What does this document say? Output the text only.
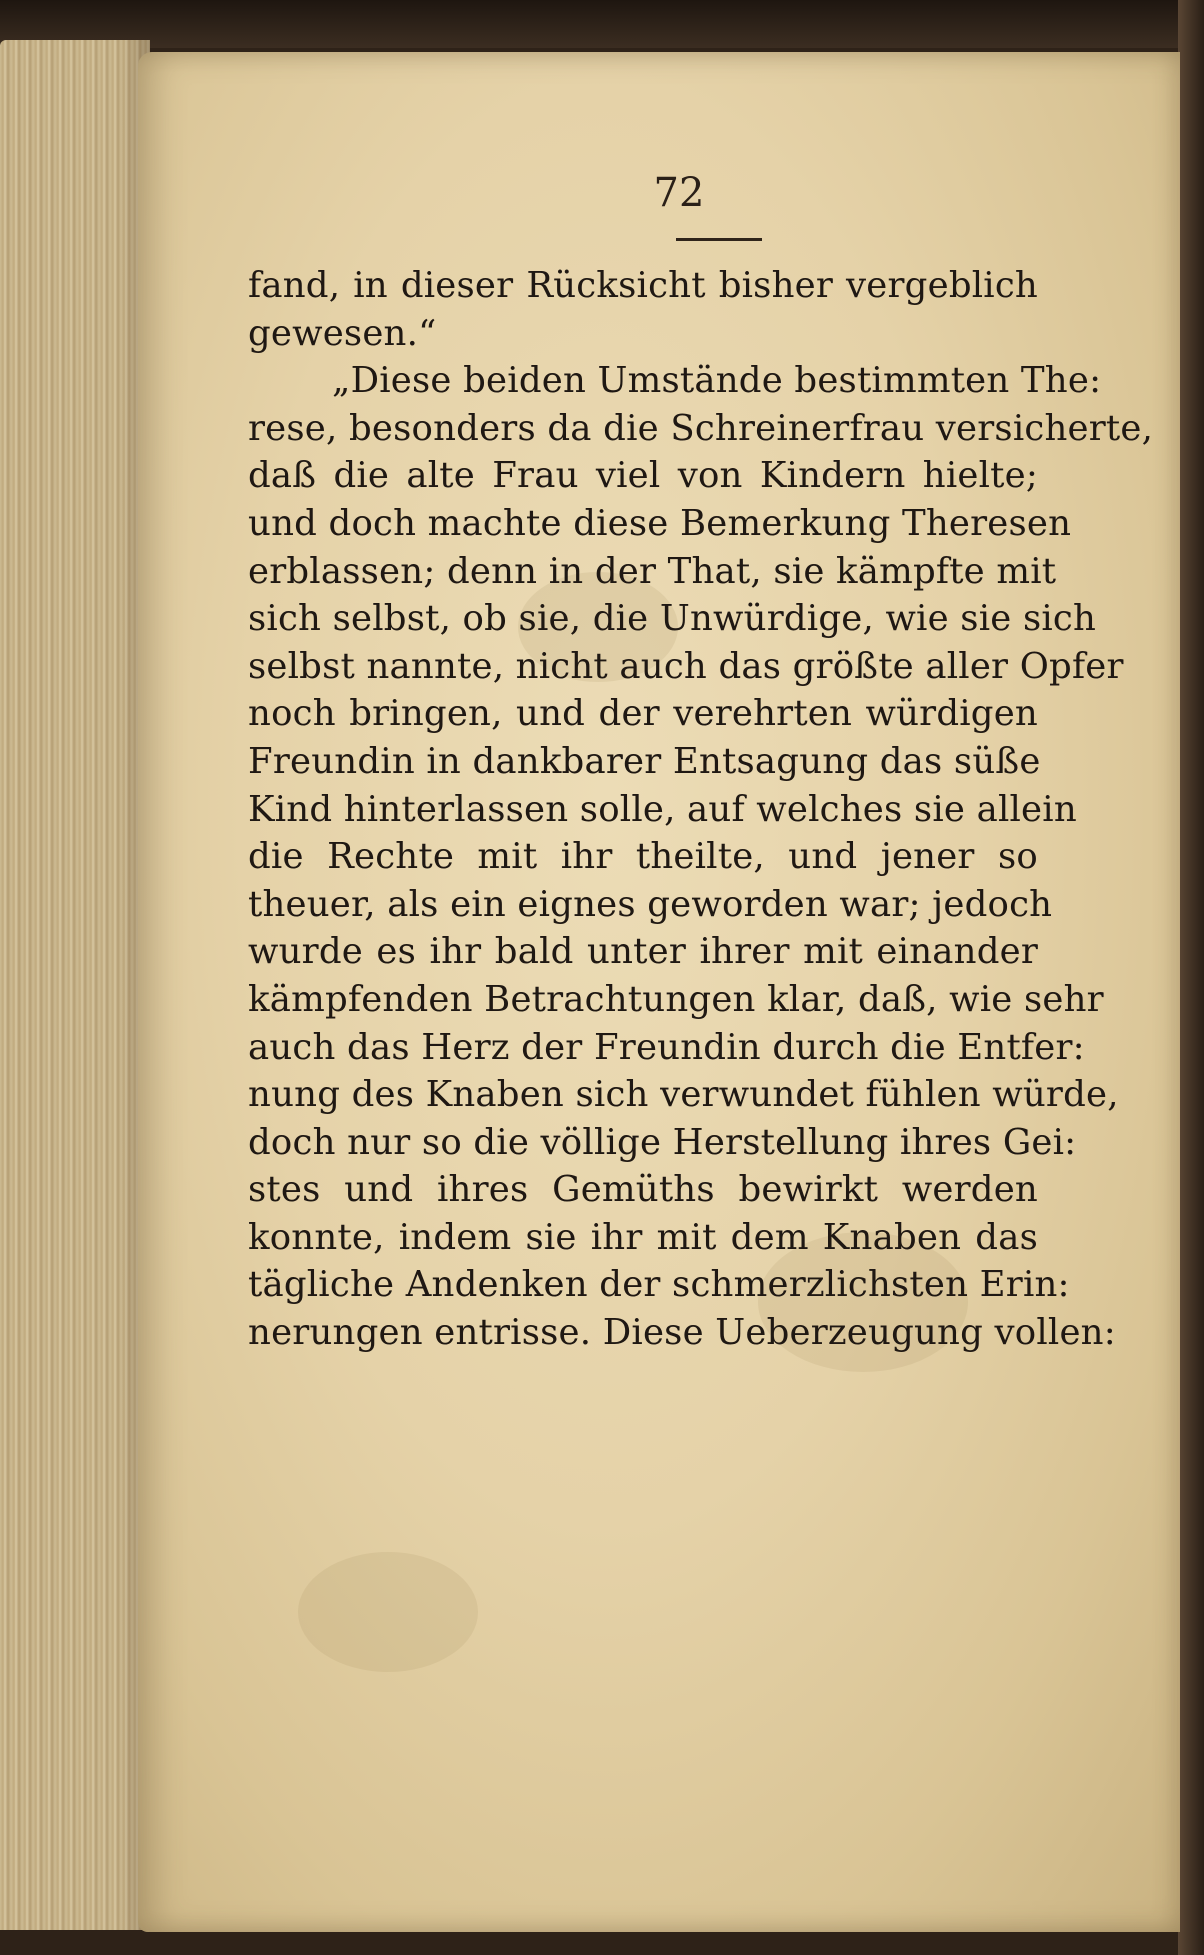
72
fand, in dieser Rücksicht bisher vergeblich
gewesen.“
„Diese beiden Umstände bestimmten The:
rese, besonders da die Schreinerfrau versicherte,
daß die alte Frau viel von Kindern hielte;
und doch machte diese Bemerkung Theresen
erblassen; denn in der That, sie kämpfte mit
sich selbst, ob sie, die Unwürdige, wie sie sich
selbst nannte, nicht auch das größte aller Opfer
noch bringen, und der verehrten würdigen
Freundin in dankbarer Entsagung das süße
Kind hinterlassen solle, auf welches sie allein
die Rechte mit ihr theilte, und jener so
theuer, als ein eignes geworden war; jedoch
wurde es ihr bald unter ihrer mit einander
kämpfenden Betrachtungen klar, daß, wie sehr
auch das Herz der Freundin durch die Entfer:
nung des Knaben sich verwundet fühlen würde,
doch nur so die völlige Herstellung ihres Gei:
stes und ihres Gemüths bewirkt werden
konnte, indem sie ihr mit dem Knaben das
tägliche Andenken der schmerzlichsten Erin:
nerungen entrisse. Diese Ueberzeugung vollen:
